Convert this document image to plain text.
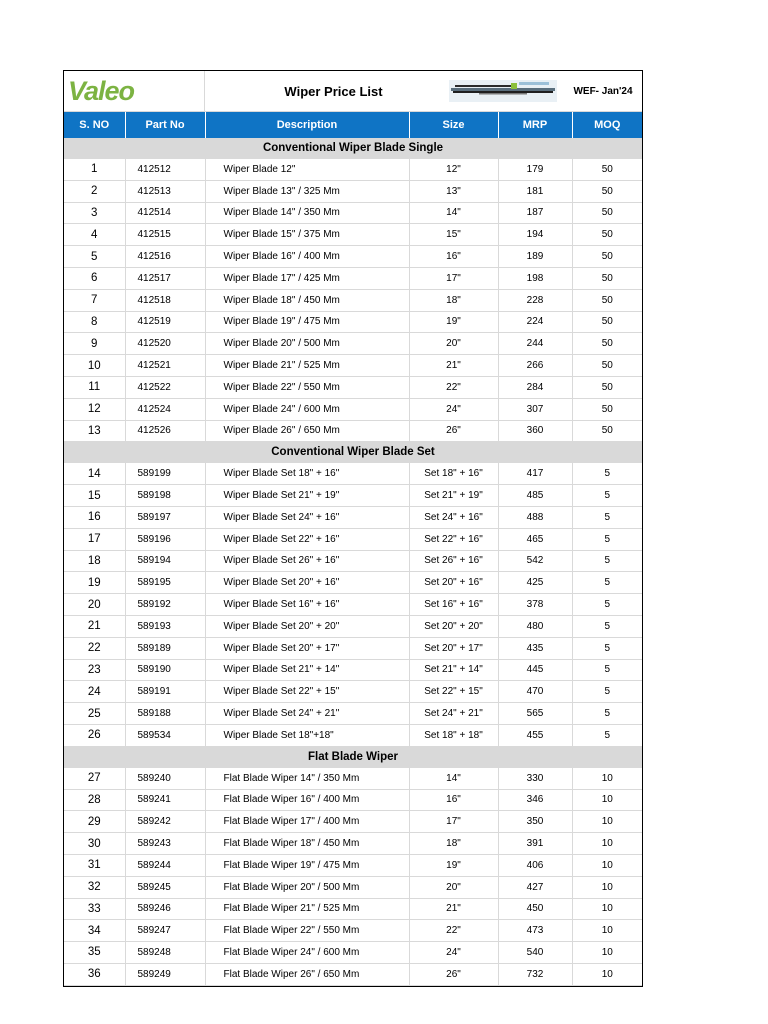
Valeo	Wiper Price List	WEF- Jan'24
S. NO	Part No	Description	Size	MRP	MOQ
Conventional Wiper Blade Single					
1	412512	Wiper Blade 12"	12"	179	50
2	412513	Wiper Blade 13" / 325 Mm	13"	181	50
3	412514	Wiper Blade 14" / 350 Mm	14"	187	50
4	412515	Wiper Blade 15" / 375 Mm	15"	194	50
5	412516	Wiper Blade 16" / 400 Mm	16"	189	50
6	412517	Wiper Blade 17" / 425 Mm	17"	198	50
7	412518	Wiper Blade 18" / 450 Mm	18"	228	50
8	412519	Wiper Blade 19" / 475 Mm	19"	224	50
9	412520	Wiper Blade 20" / 500 Mm	20"	244	50
10	412521	Wiper Blade 21" / 525 Mm	21"	266	50
11	412522	Wiper Blade 22" / 550 Mm	22"	284	50
12	412524	Wiper Blade 24" / 600 Mm	24"	307	50
13	412526	Wiper Blade 26" / 650 Mm	26"	360	50
Conventional Wiper Blade Set					
14	589199	Wiper Blade Set 18" + 16"	Set 18" + 16"	417	5
15	589198	Wiper Blade Set 21" + 19"	Set 21" + 19"	485	5
16	589197	Wiper Blade Set 24" + 16"	Set 24" + 16"	488	5
17	589196	Wiper Blade Set 22" + 16"	Set 22" + 16"	465	5
18	589194	Wiper Blade Set 26" + 16"	Set 26" + 16"	542	5
19	589195	Wiper Blade Set 20" + 16"	Set 20" + 16"	425	5
20	589192	Wiper Blade Set 16" + 16"	Set 16" + 16"	378	5
21	589193	Wiper Blade Set 20" + 20"	Set 20" + 20"	480	5
22	589189	Wiper Blade Set 20" + 17"	Set 20" + 17"	435	5
23	589190	Wiper Blade Set 21" + 14"	Set 21" + 14"	445	5
24	589191	Wiper Blade Set 22" + 15"	Set 22" + 15"	470	5
25	589188	Wiper Blade Set 24" + 21"	Set 24" + 21"	565	5
26	589534	Wiper Blade Set 18"+18"	Set 18" + 18"	455	5
Flat Blade Wiper					
27	589240	Flat Blade Wiper 14" / 350 Mm	14"	330	10
28	589241	Flat Blade Wiper 16" / 400 Mm	16"	346	10
29	589242	Flat Blade Wiper 17" / 400 Mm	17"	350	10
30	589243	Flat Blade Wiper 18" / 450 Mm	18"	391	10
31	589244	Flat Blade Wiper 19" / 475 Mm	19"	406	10
32	589245	Flat Blade Wiper 20" / 500 Mm	20"	427	10
33	589246	Flat Blade Wiper 21" / 525 Mm	21"	450	10
34	589247	Flat Blade Wiper 22" / 550 Mm	22"	473	10
35	589248	Flat Blade Wiper 24" / 600 Mm	24"	540	10
36	589249	Flat Blade Wiper 26" / 650 Mm	26"	732	10
